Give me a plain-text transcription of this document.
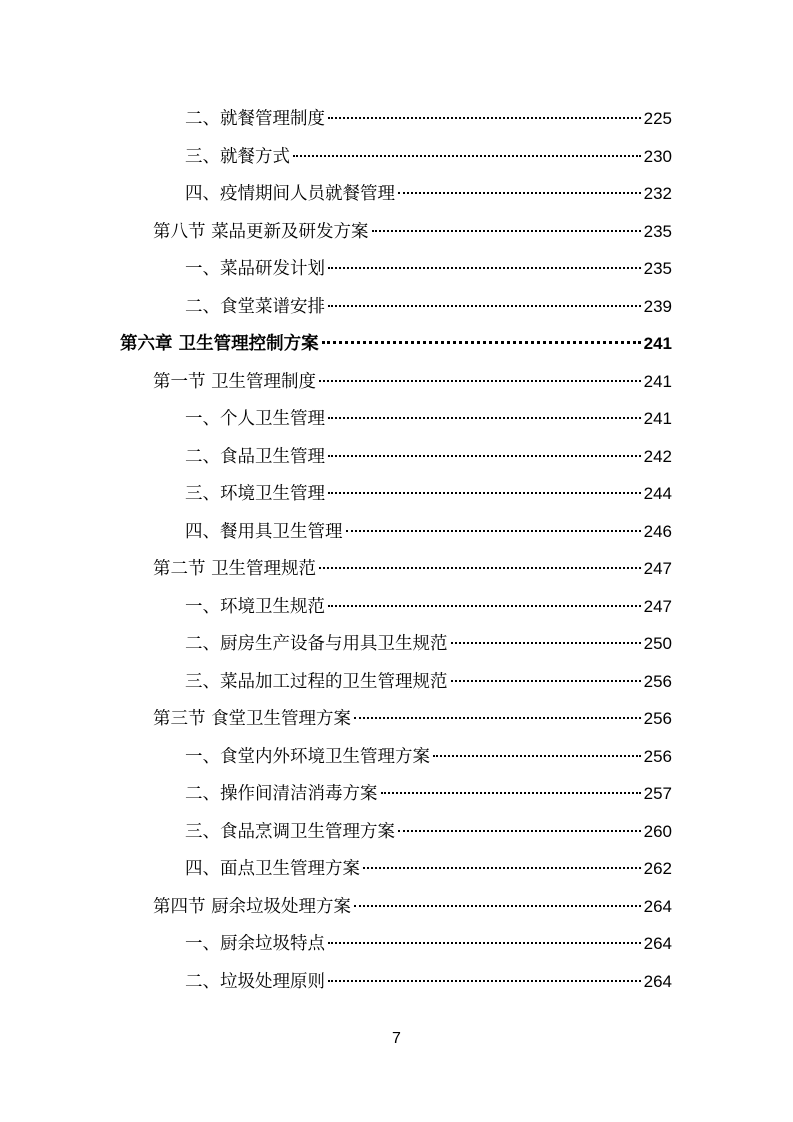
二、就餐管理制度	225
三、就餐方式	230
四、疫情期间人员就餐管理	232
第八节 菜品更新及研发方案	235
一、菜品研发计划	235
二、食堂菜谱安排	239
第六章 卫生管理控制方案	241
第一节 卫生管理制度	241
一、个人卫生管理	241
二、食品卫生管理	242
三、环境卫生管理	244
四、餐用具卫生管理	246
第二节 卫生管理规范	247
一、环境卫生规范	247
二、厨房生产设备与用具卫生规范	250
三、菜品加工过程的卫生管理规范	256
第三节 食堂卫生管理方案	256
一、食堂内外环境卫生管理方案	256
二、操作间清洁消毒方案	257
三、食品烹调卫生管理方案	260
四、面点卫生管理方案	262
第四节 厨余垃圾处理方案	264
一、厨余垃圾特点	264
二、垃圾处理原则	264
7
